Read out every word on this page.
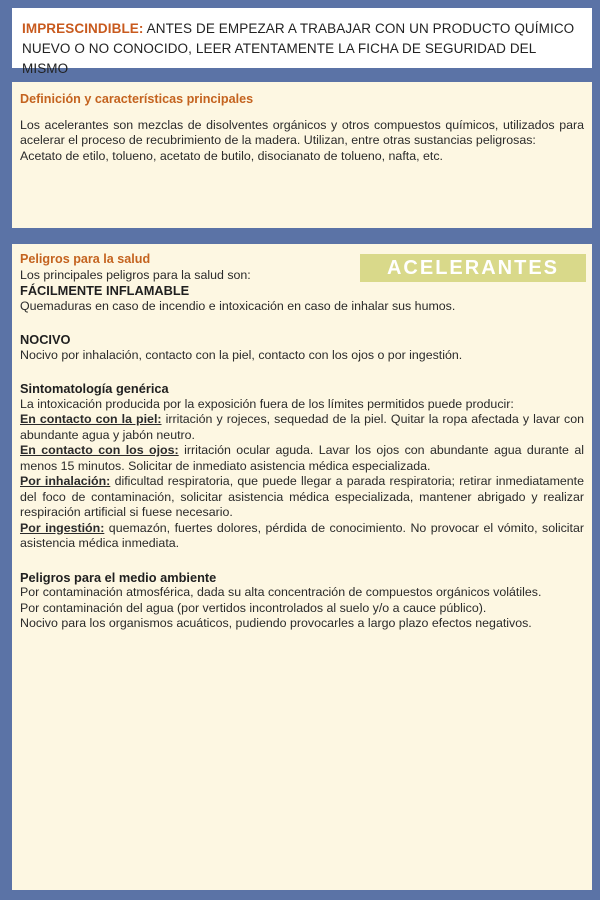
IMPRESCINDIBLE: ANTES DE EMPEZAR A TRABAJAR CON UN PRODUCTO QUÍMICO NUEVO O NO CONOCIDO, LEER ATENTAMENTE LA FICHA DE SEGURIDAD DEL MISMO
Definición y características principales

Los acelerantes son mezclas de disolventes orgánicos y otros compuestos químicos, utilizados para acelerar el proceso de recubrimiento de la madera. Utilizan, entre otras sustancias peligrosas:

Acetato de etilo, tolueno, acetato de butilo, disocianato de tolueno, nafta, etc.

ACELERANTES
Peligros para la salud

Los principales peligros para la salud son:

FÁCILMENTE INFLAMABLE

Quemaduras en caso de incendio e intoxicación en caso de inhalar sus humos.

NOCIVO

Nocivo por inhalación, contacto con la piel, contacto con los ojos o por ingestión.

Sintomatología genérica

La intoxicación producida por la exposición fuera de los límites permitidos puede producir:

En contacto con la piel: irritación y rojeces, sequedad de la piel. Quitar la ropa afectada y lavar con abundante agua y jabón neutro.

En contacto con los ojos: irritación ocular aguda. Lavar los ojos con abundante agua durante al menos 15 minutos. Solicitar de inmediato asistencia médica especializada.

Por inhalación: dificultad respiratoria, que puede llegar a parada respiratoria; retirar inmediatamente del foco de contaminación, solicitar asistencia médica especializada, mantener abrigado y realizar respiración artificial si fuese necesario.

Por ingestión: quemazón, fuertes dolores, pérdida de conocimiento. No provocar el vómito, solicitar asistencia médica inmediata.

Peligros para el medio ambiente

Por contaminación atmosférica, dada su alta concentración de compuestos orgánicos volátiles.

Por contaminación del agua (por vertidos incontrolados al suelo y/o a cauce público).

Nocivo para los organismos acuáticos, pudiendo provocarles a largo plazo efectos negativos.
